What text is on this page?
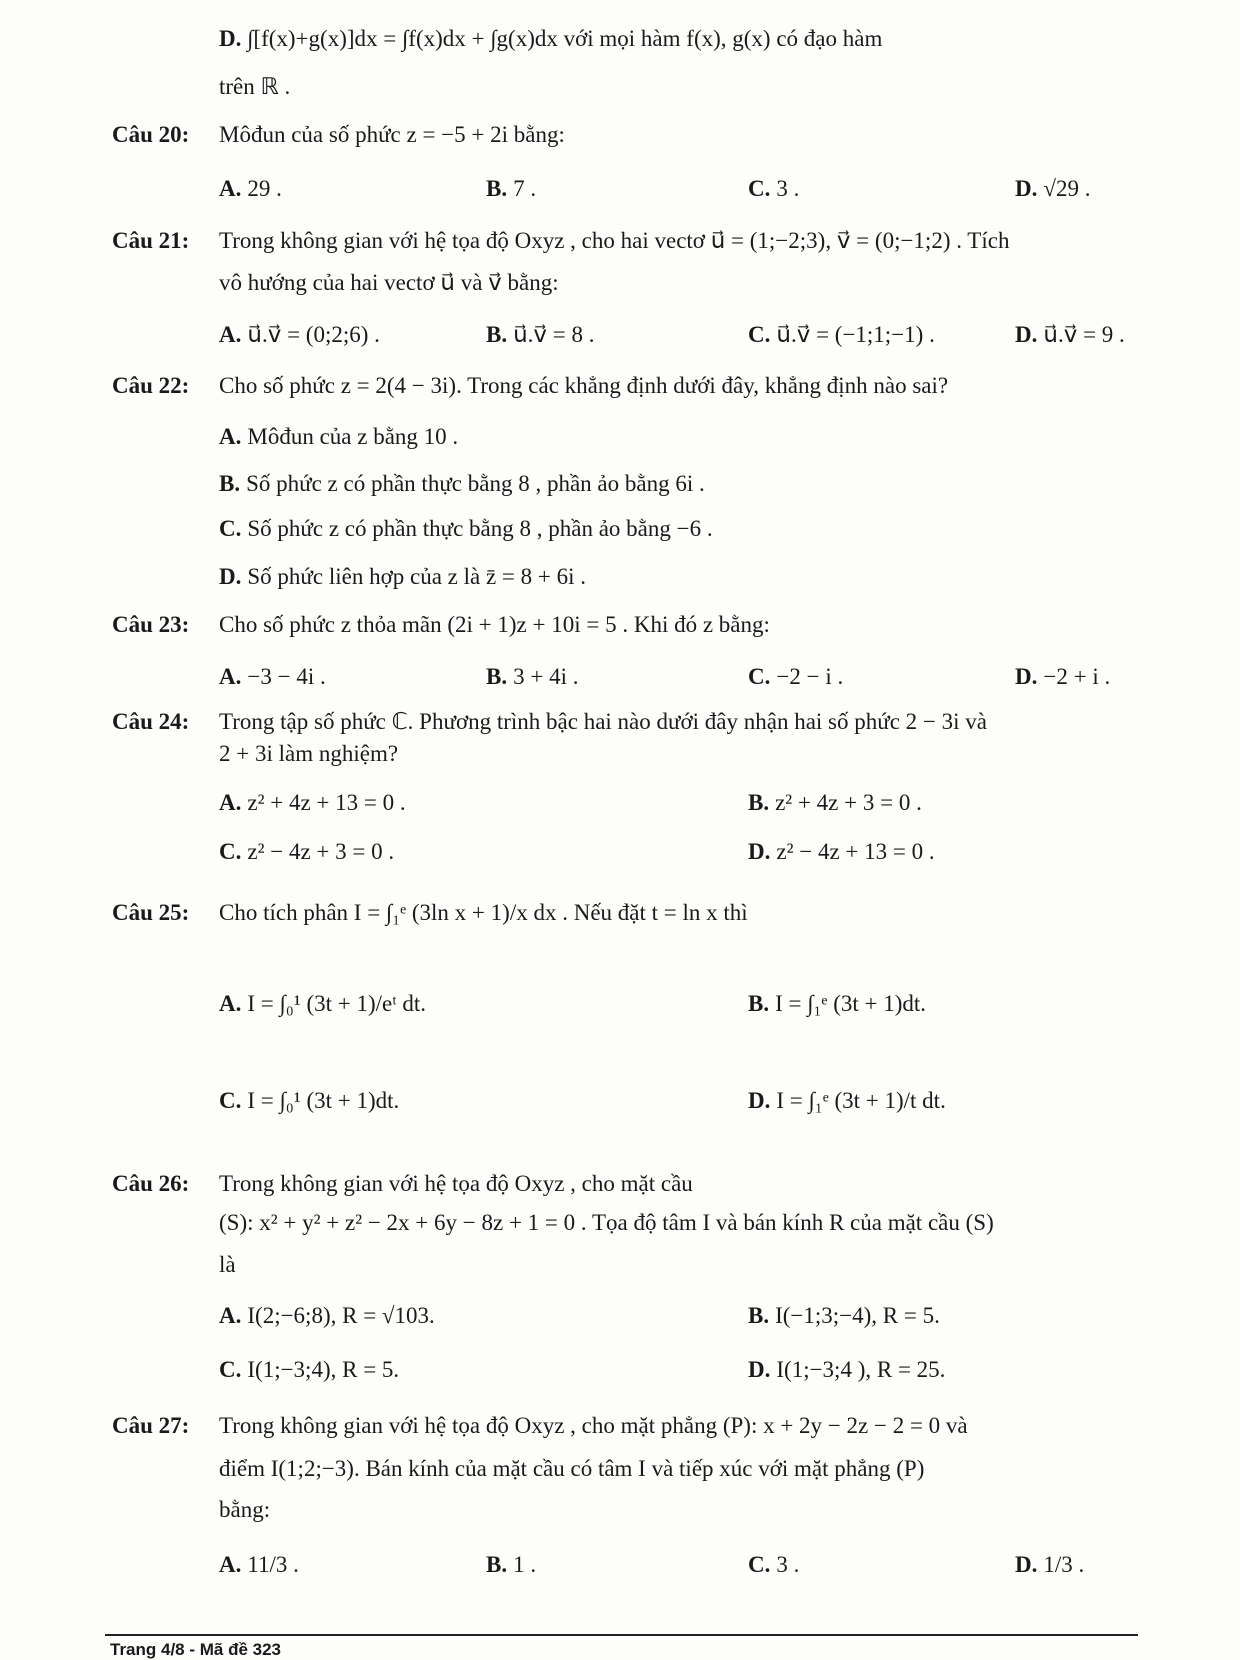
D. ∫[f(x)+g(x)]dx = ∫f(x)dx + ∫g(x)dx với mọi hàm f(x), g(x) có đạo hàm
trên ℝ .
Câu 20: Môđun của số phức z = −5 + 2i bằng:
A. 29 .	B. 7 .	C. 3 .	D. √29 .
Câu 21: Trong không gian với hệ tọa độ Oxyz , cho hai vectơ u⃗ = (1;−2;3), v⃗ = (0;−1;2) . Tích
vô hướng của hai vectơ u⃗ và v⃗ bằng:
A. u⃗.v⃗ = (0;2;6) .	B. u⃗.v⃗ = 8 .	C. u⃗.v⃗ = (−1;1;−1) .	D. u⃗.v⃗ = 9 .
Câu 22: Cho số phức z = 2(4 − 3i). Trong các khẳng định dưới đây, khẳng định nào sai?
A. Môđun của z bằng 10 .
B. Số phức z có phần thực bằng 8 , phần ảo bằng 6i .
C. Số phức z có phần thực bằng 8 , phần ảo bằng −6 .
D. Số phức liên hợp của z là z̄ = 8 + 6i .
Câu 23: Cho số phức z thỏa mãn (2i + 1)z + 10i = 5 . Khi đó z bằng:
A. −3 − 4i .	B. 3 + 4i .	C. −2 − i .	D. −2 + i .
Câu 24: Trong tập số phức ℂ. Phương trình bậc hai nào dưới đây nhận hai số phức 2 − 3i và
2 + 3i làm nghiệm?
A. z² + 4z + 13 = 0 .	B. z² + 4z + 3 = 0 .
C. z² − 4z + 3 = 0 .	D. z² − 4z + 13 = 0 .
Câu 25: Cho tích phân I = ∫₁ᵉ (3ln x + 1)/x dx . Nếu đặt t = ln x thì
A. I = ∫₀¹ (3t + 1)/eᵗ dt.	B. I = ∫₁ᵉ (3t + 1)dt.
C. I = ∫₀¹ (3t + 1)dt.	D. I = ∫₁ᵉ (3t + 1)/t dt.
Câu 26: Trong không gian với hệ tọa độ Oxyz , cho mặt cầu
(S): x² + y² + z² − 2x + 6y − 8z + 1 = 0 . Tọa độ tâm I và bán kính R của mặt cầu (S)
là
A. I(2;−6;8), R = √103.	B. I(−1;3;−4), R = 5.
C. I(1;−3;4), R = 5.	D. I(1;−3;4 ), R = 25.
Câu 27: Trong không gian với hệ tọa độ Oxyz , cho mặt phẳng (P): x + 2y − 2z − 2 = 0 và
điểm I(1;2;−3). Bán kính của mặt cầu có tâm I và tiếp xúc với mặt phẳng (P)
bằng:
A. 11/3 .	B. 1 .	C. 3 .	D. 1/3 .
Trang 4/8 - Mã đề 323
